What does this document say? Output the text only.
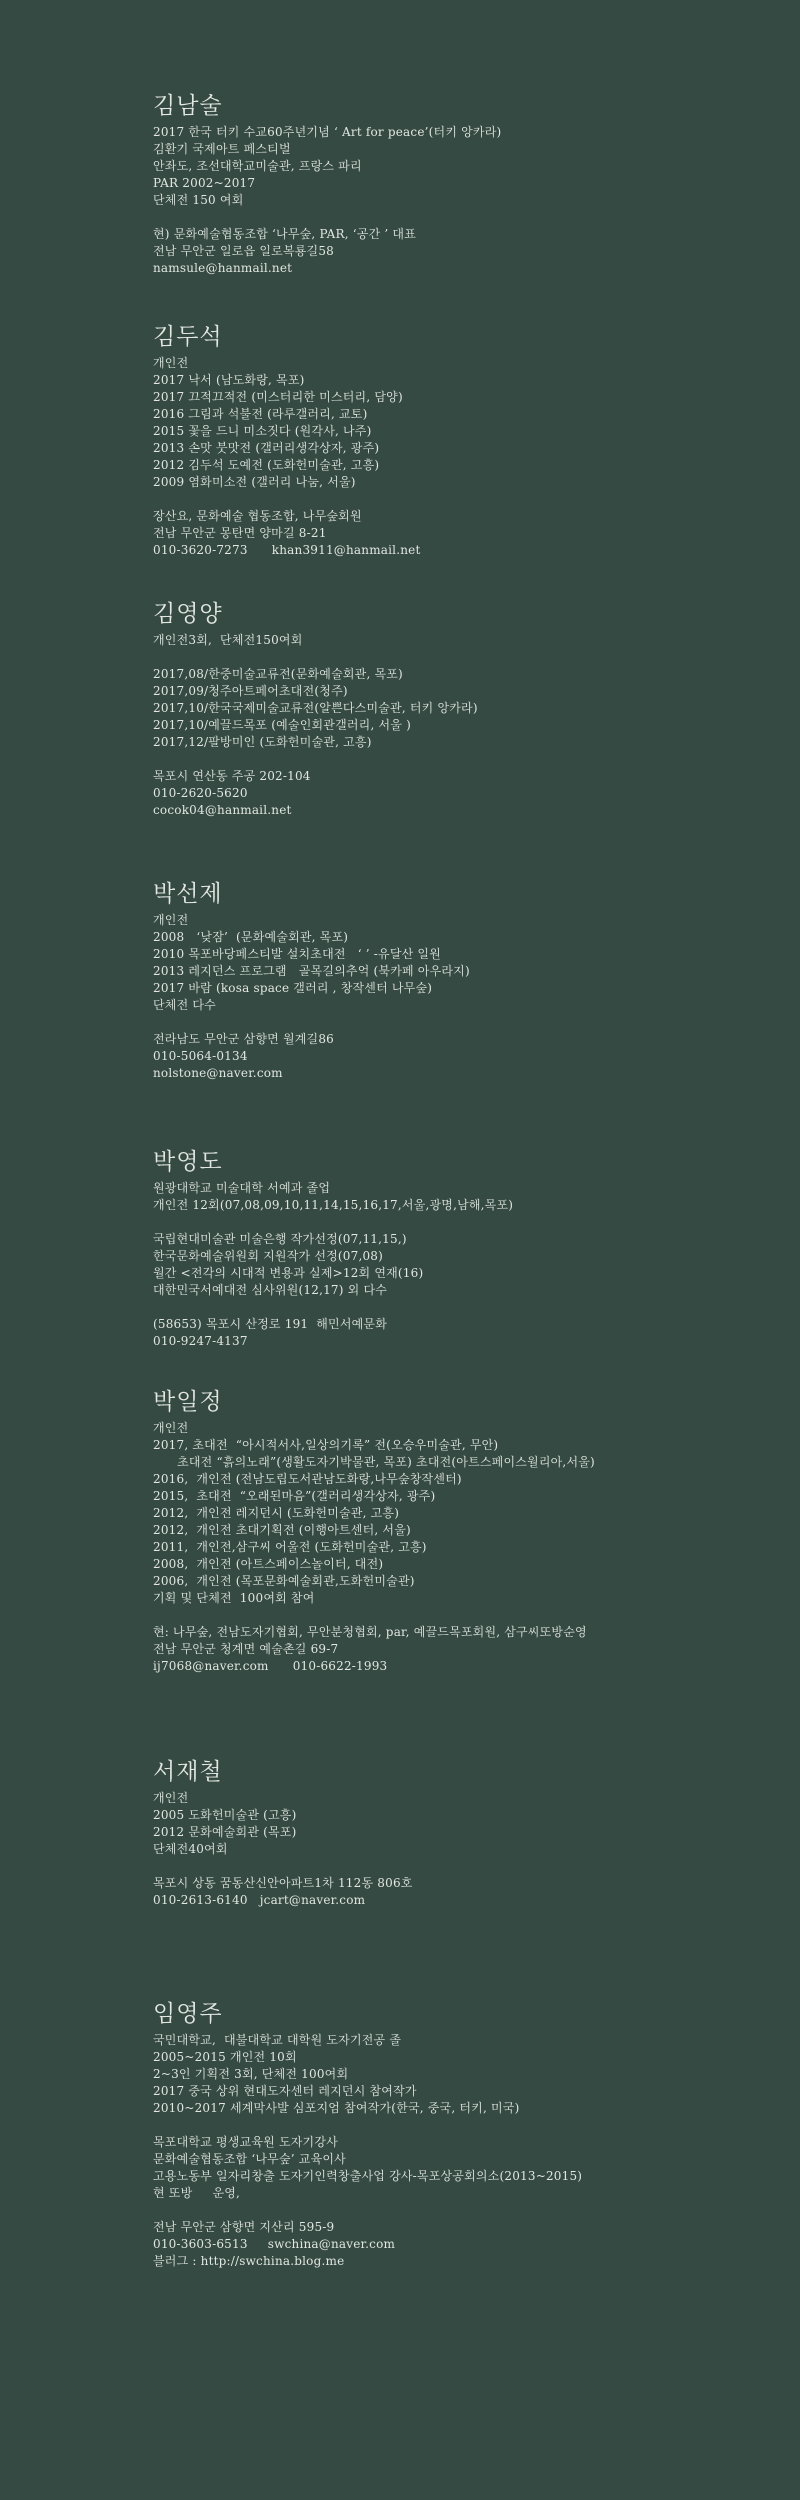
김남술
2017 한국 터키 수교60주년기념 ‘ Art for peace’(터키 앙카라)
김환기 국제아트 페스티벌
안좌도, 조선대학교미술관, 프랑스 파리
PAR 2002~2017
단체전 150 여회
현) 문화예술협동조합 ‘나무숲, PAR, ‘공간 ’ 대표
전남 무안군 일로읍 일로복룡길58
namsule@hanmail.net
김두석
개인전
2017 낙서 (남도화랑, 목포)
2017 끄적끄적전 (미스터리한 미스터리, 담양)
2016 그림과 석불전 (라루갤러리, 교토)
2015 꽃을 드니 미소짓다 (원각사, 나주)
2013 손맛 붓맛전 (갤러리생각상자, 광주)
2012 김두석 도예전 (도화헌미술관, 고흥)
2009 염화미소전 (갤러리 나눔, 서울)
장산요, 문화예술 협동조합, 나무숲회원
전남 무안군 몽탄면 양마길 8-21
010-3620-7273      khan3911@hanmail.net
김영양
개인전3회,  단체전150여회
2017,08/한중미술교류전(문화예술회관, 목포)
2017,09/청주아트페어초대전(청주)
2017,10/한국국제미술교류전(알쁜다스미술관, 터키 앙카라)
2017,10/예끌드목포 (예술인회관갤러리, 서울 )
2017,12/팔방미인 (도화헌미술관, 고흥)
목포시 연산동 주공 202-104
010-2620-5620
cocok04@hanmail.net
박선제
개인전
2008   ‘낮잠’  (문화예술회관, 목포)
2010 목포바당페스티발 설치초대전   ‘ ’ -유달산 일원
2013 레지던스 프로그램   골목길의추억 (북카페 아우라지)
2017 바람 (kosa space 갤러리 , 창작센터 나무숲)
단체전 다수
전라남도 무안군 삼향면 월계길86
010-5064-0134
nolstone@naver.com
박영도
원광대학교 미술대학 서예과 졸업
개인전 12회(07,08,09,10,11,14,15,16,17,서울,광명,남해,목포)
국립현대미술관 미술은행 작가선정(07,11,15,)
한국문화예술위원회 지원작가 선정(07,08)
월간 <전각의 시대적 변용과 실제>12회 연재(16)
대한민국서예대전 심사위원(12,17) 외 다수
(58653) 목포시 산정로 191  해민서예문화
010-9247-4137
박일정
개인전
2017, 초대전  “아시적서사,일상의기록” 전(오승우미술관, 무안)
초대전 “흙의노래”(생활도자기박물관, 목포) 초대전(아트스페이스월리아,서울)
2016,  개인전 (전남도립도서관남도화랑,나무숲창작센터)
2015,  초대전  “오래된마음”(갤러리생각상자, 광주)
2012,  개인전 레지던시 (도화헌미술관, 고흥)
2012,  개인전 초대기획전 (이행아트센터, 서울)
2011,  개인전,삼구씨 어울전 (도화헌미술관, 고흥)
2008,  개인전 (아트스페이스놀이터, 대전)
2006,  개인전 (목포문화예술회관,도화헌미술관)
기획 및 단체전  100여회 참여
현: 나무숲, 전남도자기협회, 무안분청협회, par, 예끌드목포회원, 삼구씨또방순영
전남 무안군 청계면 예술촌길 69-7
ij7068@naver.com      010-6622-1993
서재철
개인전
2005 도화헌미술관 (고흥)
2012 문화예술회관 (목포)
단체전40여회
목포시 상동 꿈동산신안아파트1차 112동 806호
010-2613-6140   jcart@naver.com
임영주
국민대학교,  대불대학교 대학원 도자기전공 졸
2005~2015 개인전 10회
2~3인 기획전 3회, 단체전 100여회
2017 중국 상위 현대도자센터 레지던시 참여작가
2010~2017 세계막사발 심포지엄 참여작가(한국, 중국, 터키, 미국)
목포대학교 평생교육원 도자기강사
문화예술협동조합 ‘나무숲’ 교육이사
고용노동부 일자리창출 도자기인력창출사업 강사-목포상공회의소(2013~2015)
현 또방     운영,
전남 무안군 삼향면 지산리 595-9
010-3603-6513     swchina@naver.com
블러그 : http://swchina.blog.me
